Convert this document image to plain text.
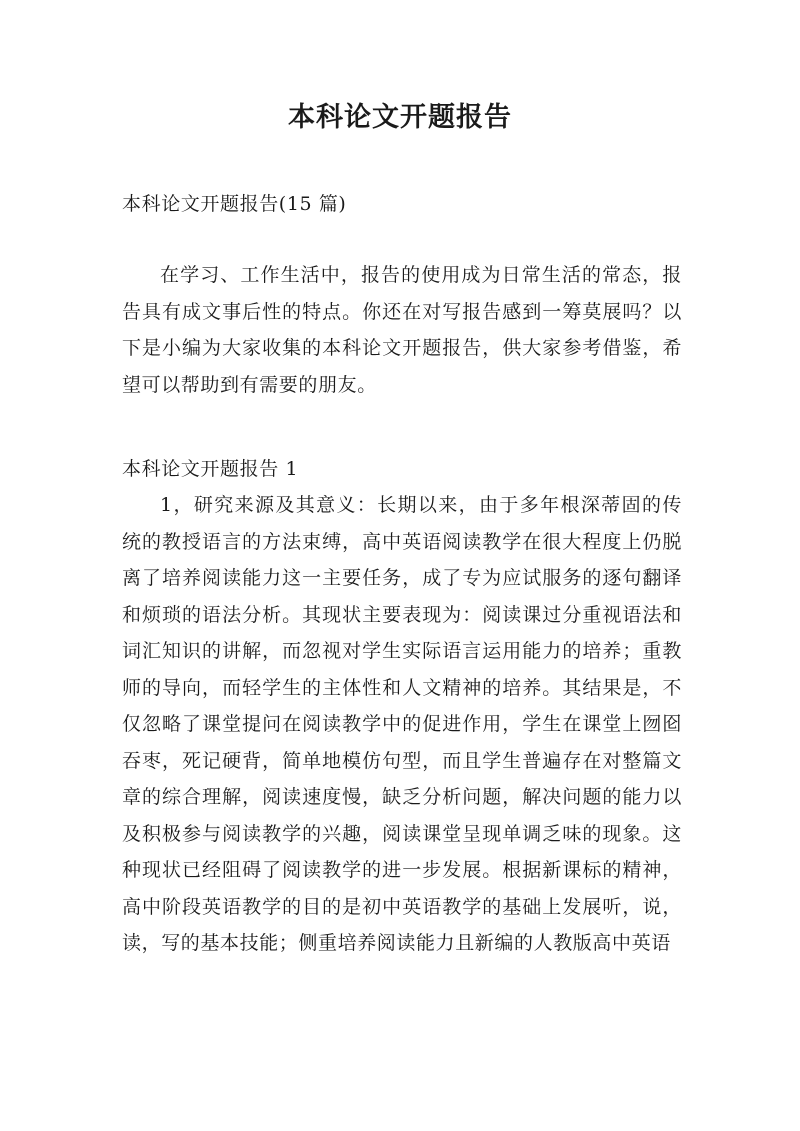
本科论文开题报告

本科论文开题报告(15 篇)

在学习、工作生活中，报告的使用成为日常生活的常态，报告具有成文事后性的特点。你还在对写报告感到一筹莫展吗？以下是小编为大家收集的本科论文开题报告，供大家参考借鉴，希望可以帮助到有需要的朋友。

本科论文开题报告 1

1，研究来源及其意义：长期以来，由于多年根深蒂固的传统的教授语言的方法束缚，高中英语阅读教学在很大程度上仍脱离了培养阅读能力这一主要任务，成了专为应试服务的逐句翻译和烦琐的语法分析。其现状主要表现为：阅读课过分重视语法和词汇知识的讲解，而忽视对学生实际语言运用能力的培养；重教师的导向，而轻学生的主体性和人文精神的培养。其结果是，不仅忽略了课堂提问在阅读教学中的促进作用，学生在课堂上囫囵吞枣，死记硬背，简单地模仿句型，而且学生普遍存在对整篇文章的综合理解，阅读速度慢，缺乏分析问题，解决问题的能力以及积极参与阅读教学的兴趣，阅读课堂呈现单调乏味的现象。这种现状已经阻碍了阅读教学的进一步发展。根据新课标的精神，高中阶段英语教学的目的是初中英语教学的基础上发展听，说，读，写的基本技能；侧重培养阅读能力且新编的人教版高中英语
